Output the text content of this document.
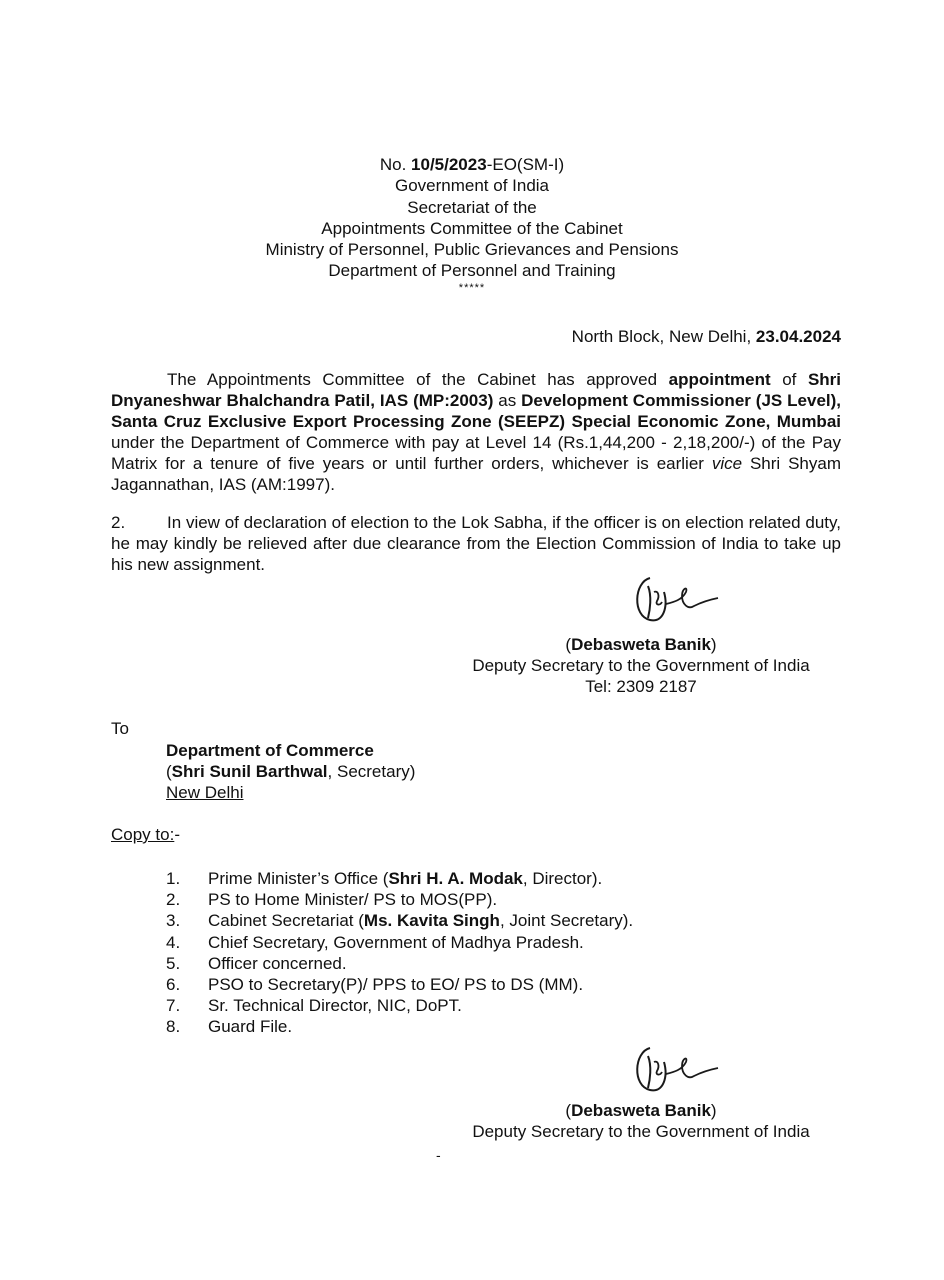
No. 10/5/2023-EO(SM-I)
Government of India
Secretariat of the
Appointments Committee of the Cabinet
Ministry of Personnel, Public Grievances and Pensions
Department of Personnel and Training
*****
North Block, New Delhi, 23.04.2024

The Appointments Committee of the Cabinet has approved appointment of Shri Dnyaneshwar Bhalchandra Patil, IAS (MP:2003) as Development Commissioner (JS Level), Santa Cruz Exclusive Export Processing Zone (SEEPZ) Special Economic Zone, Mumbai under the Department of Commerce with pay at Level 14 (Rs.1,44,200 - 2,18,200/-) of the Pay Matrix for a tenure of five years or until further orders, whichever is earlier vice Shri Shyam Jagannathan, IAS (AM:1997).

2. In view of declaration of election to the Lok Sabha, if the officer is on election related duty, he may kindly be relieved after due clearance from the Election Commission of India to take up his new assignment.

(Debasweta Banik)
Deputy Secretary to the Government of India
Tel: 2309 2187
To
Department of Commerce
(Shri Sunil Barthwal, Secretary)
New Delhi
Copy to:-
1. Prime Minister’s Office (Shri H. A. Modak, Director).
2. PS to Home Minister/ PS to MOS(PP).
3. Cabinet Secretariat (Ms. Kavita Singh, Joint Secretary).
4. Chief Secretary, Government of Madhya Pradesh.
5. Officer concerned.
6. PSO to Secretary(P)/ PPS to EO/ PS to DS (MM).
7. Sr. Technical Director, NIC, DoPT.
8. Guard File.
(Debasweta Banik)
Deputy Secretary to the Government of India
-
